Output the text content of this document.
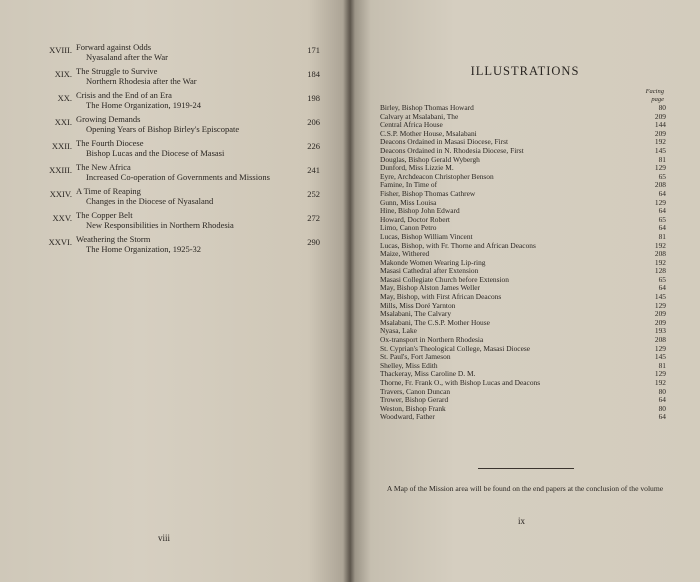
XVIII. Forward against Odds
Nyasaland after the War
171
XIX. The Struggle to Survive
Northern Rhodesia after the War
184
XX. Crisis and the End of an Era
The Home Organization, 1919-24
198
XXI. Growing Demands
Opening Years of Bishop Birley's Episcopate
206
XXII. The Fourth Diocese
Bishop Lucas and the Diocese of Masasi
226
XXIII. The New Africa
Increased Co-operation of Governments and Missions
241
XXIV. A Time of Reaping
Changes in the Diocese of Nyasaland
252
XXV. The Copper Belt
New Responsibilities in Northern Rhodesia
272
XXVI. Weathering the Storm
The Home Organization, 1925-32
290
viii
ILLUSTRATIONS
Facing
page
Birley, Bishop Thomas Howard	80
Calvary at Msalabani, The	209
Central Africa House	144
C.S.P. Mother House, Msalabani	209
Deacons Ordained in Masasi Diocese, First	192
Deacons Ordained in N. Rhodesia Diocese, First	145
Douglas, Bishop Gerald Wybergh	81
Dunford, Miss Lizzie M.	129
Eyre, Archdeacon Christopher Benson	65
Famine, In Time of	208
Fisher, Bishop Thomas Cathrew	64
Gunn, Miss Louisa	129
Hine, Bishop John Edward	64
Howard, Doctor Robert	65
Limo, Canon Petro	64
Lucas, Bishop William Vincent	81
Lucas, Bishop, with Fr. Thorne and African Deacons	192
Maize, Withered	208
Makonde Women Wearing Lip-ring	192
Masasi Cathedral after Extension	128
Masasi Collegiate Church before Extension	65
May, Bishop Alston James Weller	64
May, Bishop, with First African Deacons	145
Mills, Miss Doré Yarnton	129
Msalabani, The Calvary	209
Msalabani, The C.S.P. Mother House	209
Nyasa, Lake	193
Ox-transport in Northern Rhodesia	208
St. Cyprian's Theological College, Masasi Diocese	129
St. Paul's, Fort Jameson	145
Shelley, Miss Edith	81
Thackeray, Miss Caroline D. M.	129
Thorne, Fr. Frank O., with Bishop Lucas and Deacons	192
Travers, Canon Duncan	80
Trower, Bishop Gerard	64
Weston, Bishop Frank	80
Woodward, Father	64
A Map of the Mission area will be found on the end papers at the conclusion of the volume
ix
